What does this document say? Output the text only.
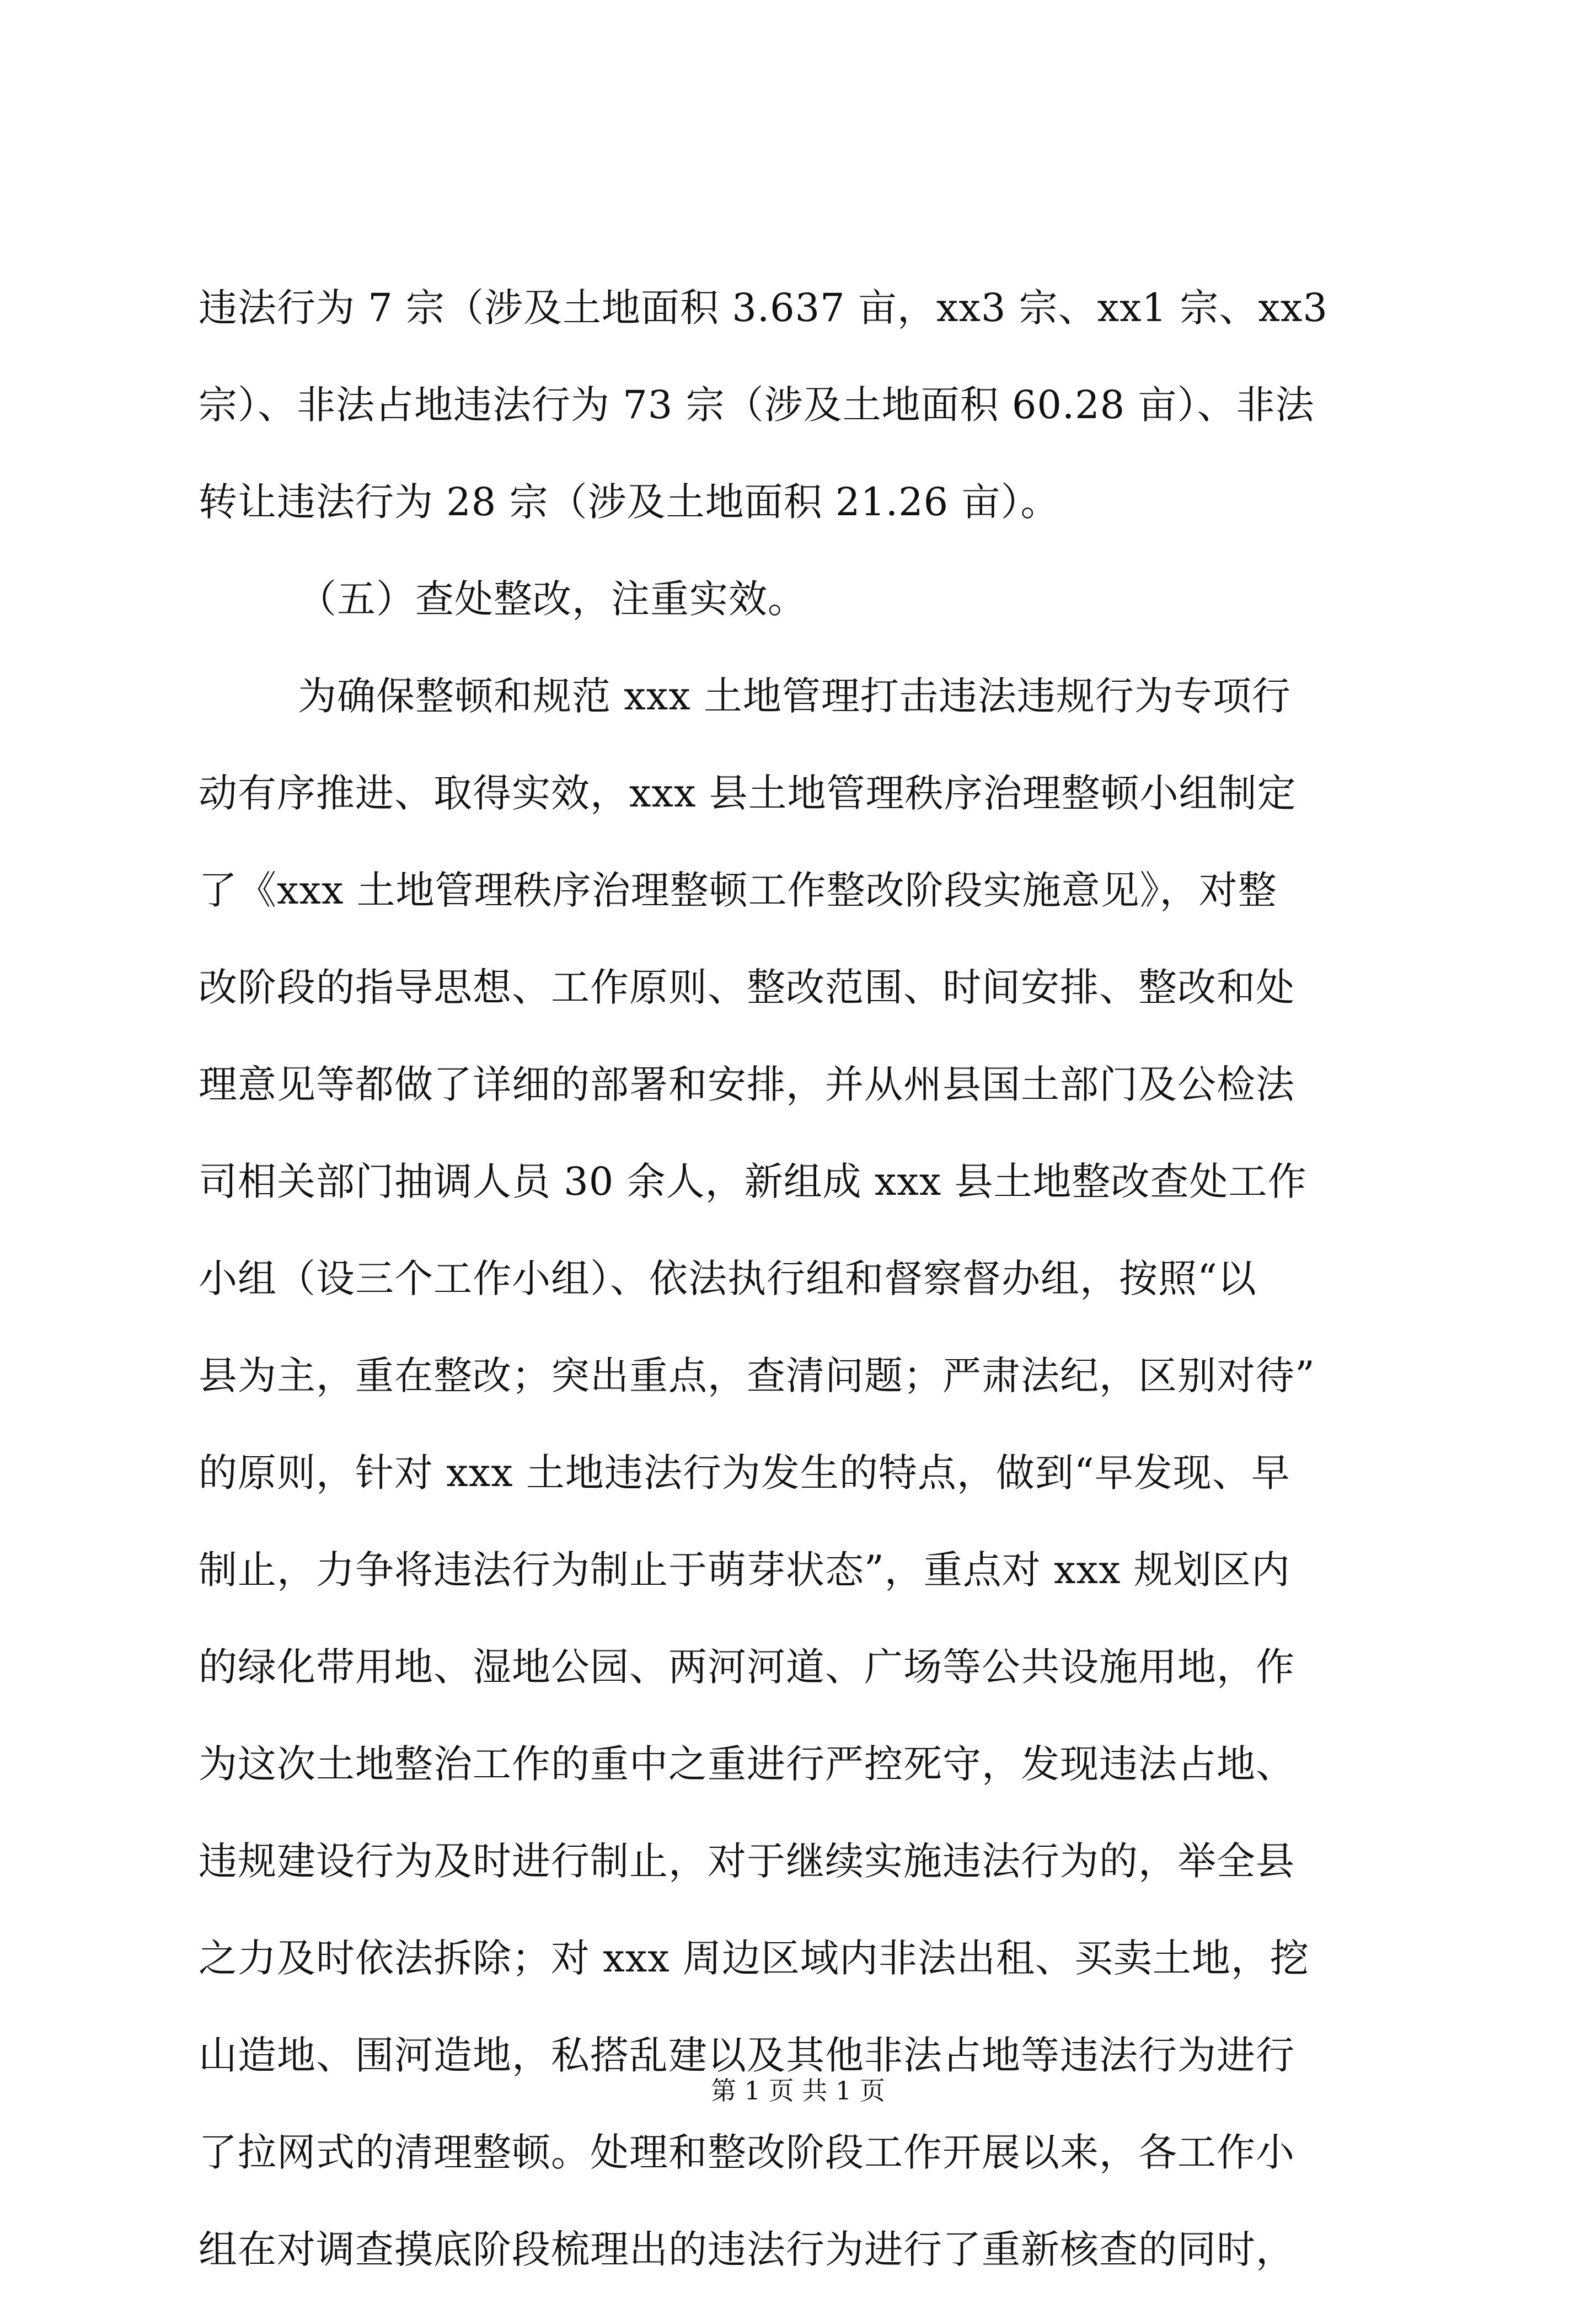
违法行为 7 宗（涉及土地面积 3.637 亩，xx3 宗、xx1 宗、xx3
宗）、非法占地违法行为 73 宗（涉及土地面积 60.28 亩）、非法
转让违法行为 28 宗（涉及土地面积 21.26 亩）。
（五）查处整改，注重实效。
为确保整顿和规范 xxx 土地管理打击违法违规行为专项行
动有序推进、取得实效，xxx 县土地管理秩序治理整顿小组制定
了《xxx 土地管理秩序治理整顿工作整改阶段实施意见》，对整
改阶段的指导思想、工作原则、整改范围、时间安排、整改和处
理意见等都做了详细的部署和安排，并从州县国土部门及公检法
司相关部门抽调人员 30 余人，新组成 xxx 县土地整改查处工作
小组（设三个工作小组）、依法执行组和督察督办组，按照“以
县为主，重在整改；突出重点，查清问题；严肃法纪，区别对待”
的原则，针对 xxx 土地违法行为发生的特点，做到“早发现、早
制止，力争将违法行为制止于萌芽状态”，重点对 xxx 规划区内
的绿化带用地、湿地公园、两河河道、广场等公共设施用地，作
为这次土地整治工作的重中之重进行严控死守，发现违法占地、
违规建设行为及时进行制止，对于继续实施违法行为的，举全县
之力及时依法拆除；对 xxx 周边区域内非法出租、买卖土地，挖
山造地、围河造地，私搭乱建以及其他非法占地等违法行为进行
了拉网式的清理整顿。处理和整改阶段工作开展以来，各工作小
组在对调查摸底阶段梳理出的违法行为进行了重新核查的同时，
第 1 页 共 1 页
